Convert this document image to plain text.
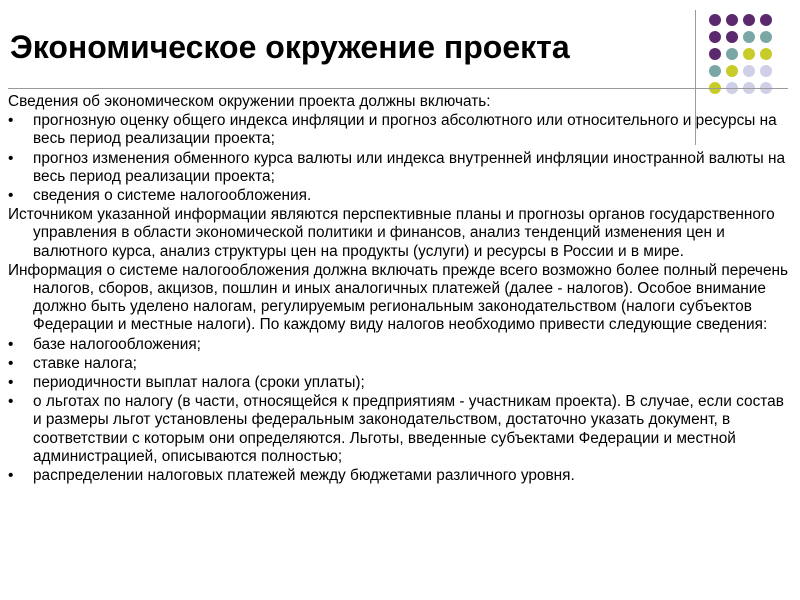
Экономическое окружение проекта
Сведения об экономическом окружении проекта должны включать:
•	прогнозную оценку общего индекса инфляции и прогноз абсолютного или относительного и ресурсы на весь период реализации проекта;
•	прогноз изменения обменного курса валюты или индекса внутренней инфляции иностранной валюты на весь период реализации проекта;
•	сведения о системе налогообложения.
Источником указанной информации являются перспективные планы и прогнозы органов государственного управления в области экономической политики и финансов, анализ тенденций изменения цен и валютного курса, анализ структуры цен на продукты (услуги) и ресурсы в России и в мире.
Информация о системе налогообложения должна включать прежде всего возможно более полный перечень налогов, сборов, акцизов, пошлин и иных аналогичных платежей (далее - налогов). Особое внимание должно быть уделено налогам, регулируемым региональным законодательством (налоги субъектов Федерации и местные налоги). По каждому виду налогов необходимо привести следующие сведения:
•	базе налогообложения;
•	ставке налога;
•	периодичности выплат налога (сроки уплаты);
•	о льготах по налогу (в части, относящейся к предприятиям - участникам проекта). В случае, если состав и размеры льгот установлены федеральным законодательством, достаточно указать документ, в соответствии с которым они определяются. Льготы, введенные субъектами Федерации и местной администрацией, описываются полностью;
•	распределении налоговых платежей между бюджетами различного уровня.
